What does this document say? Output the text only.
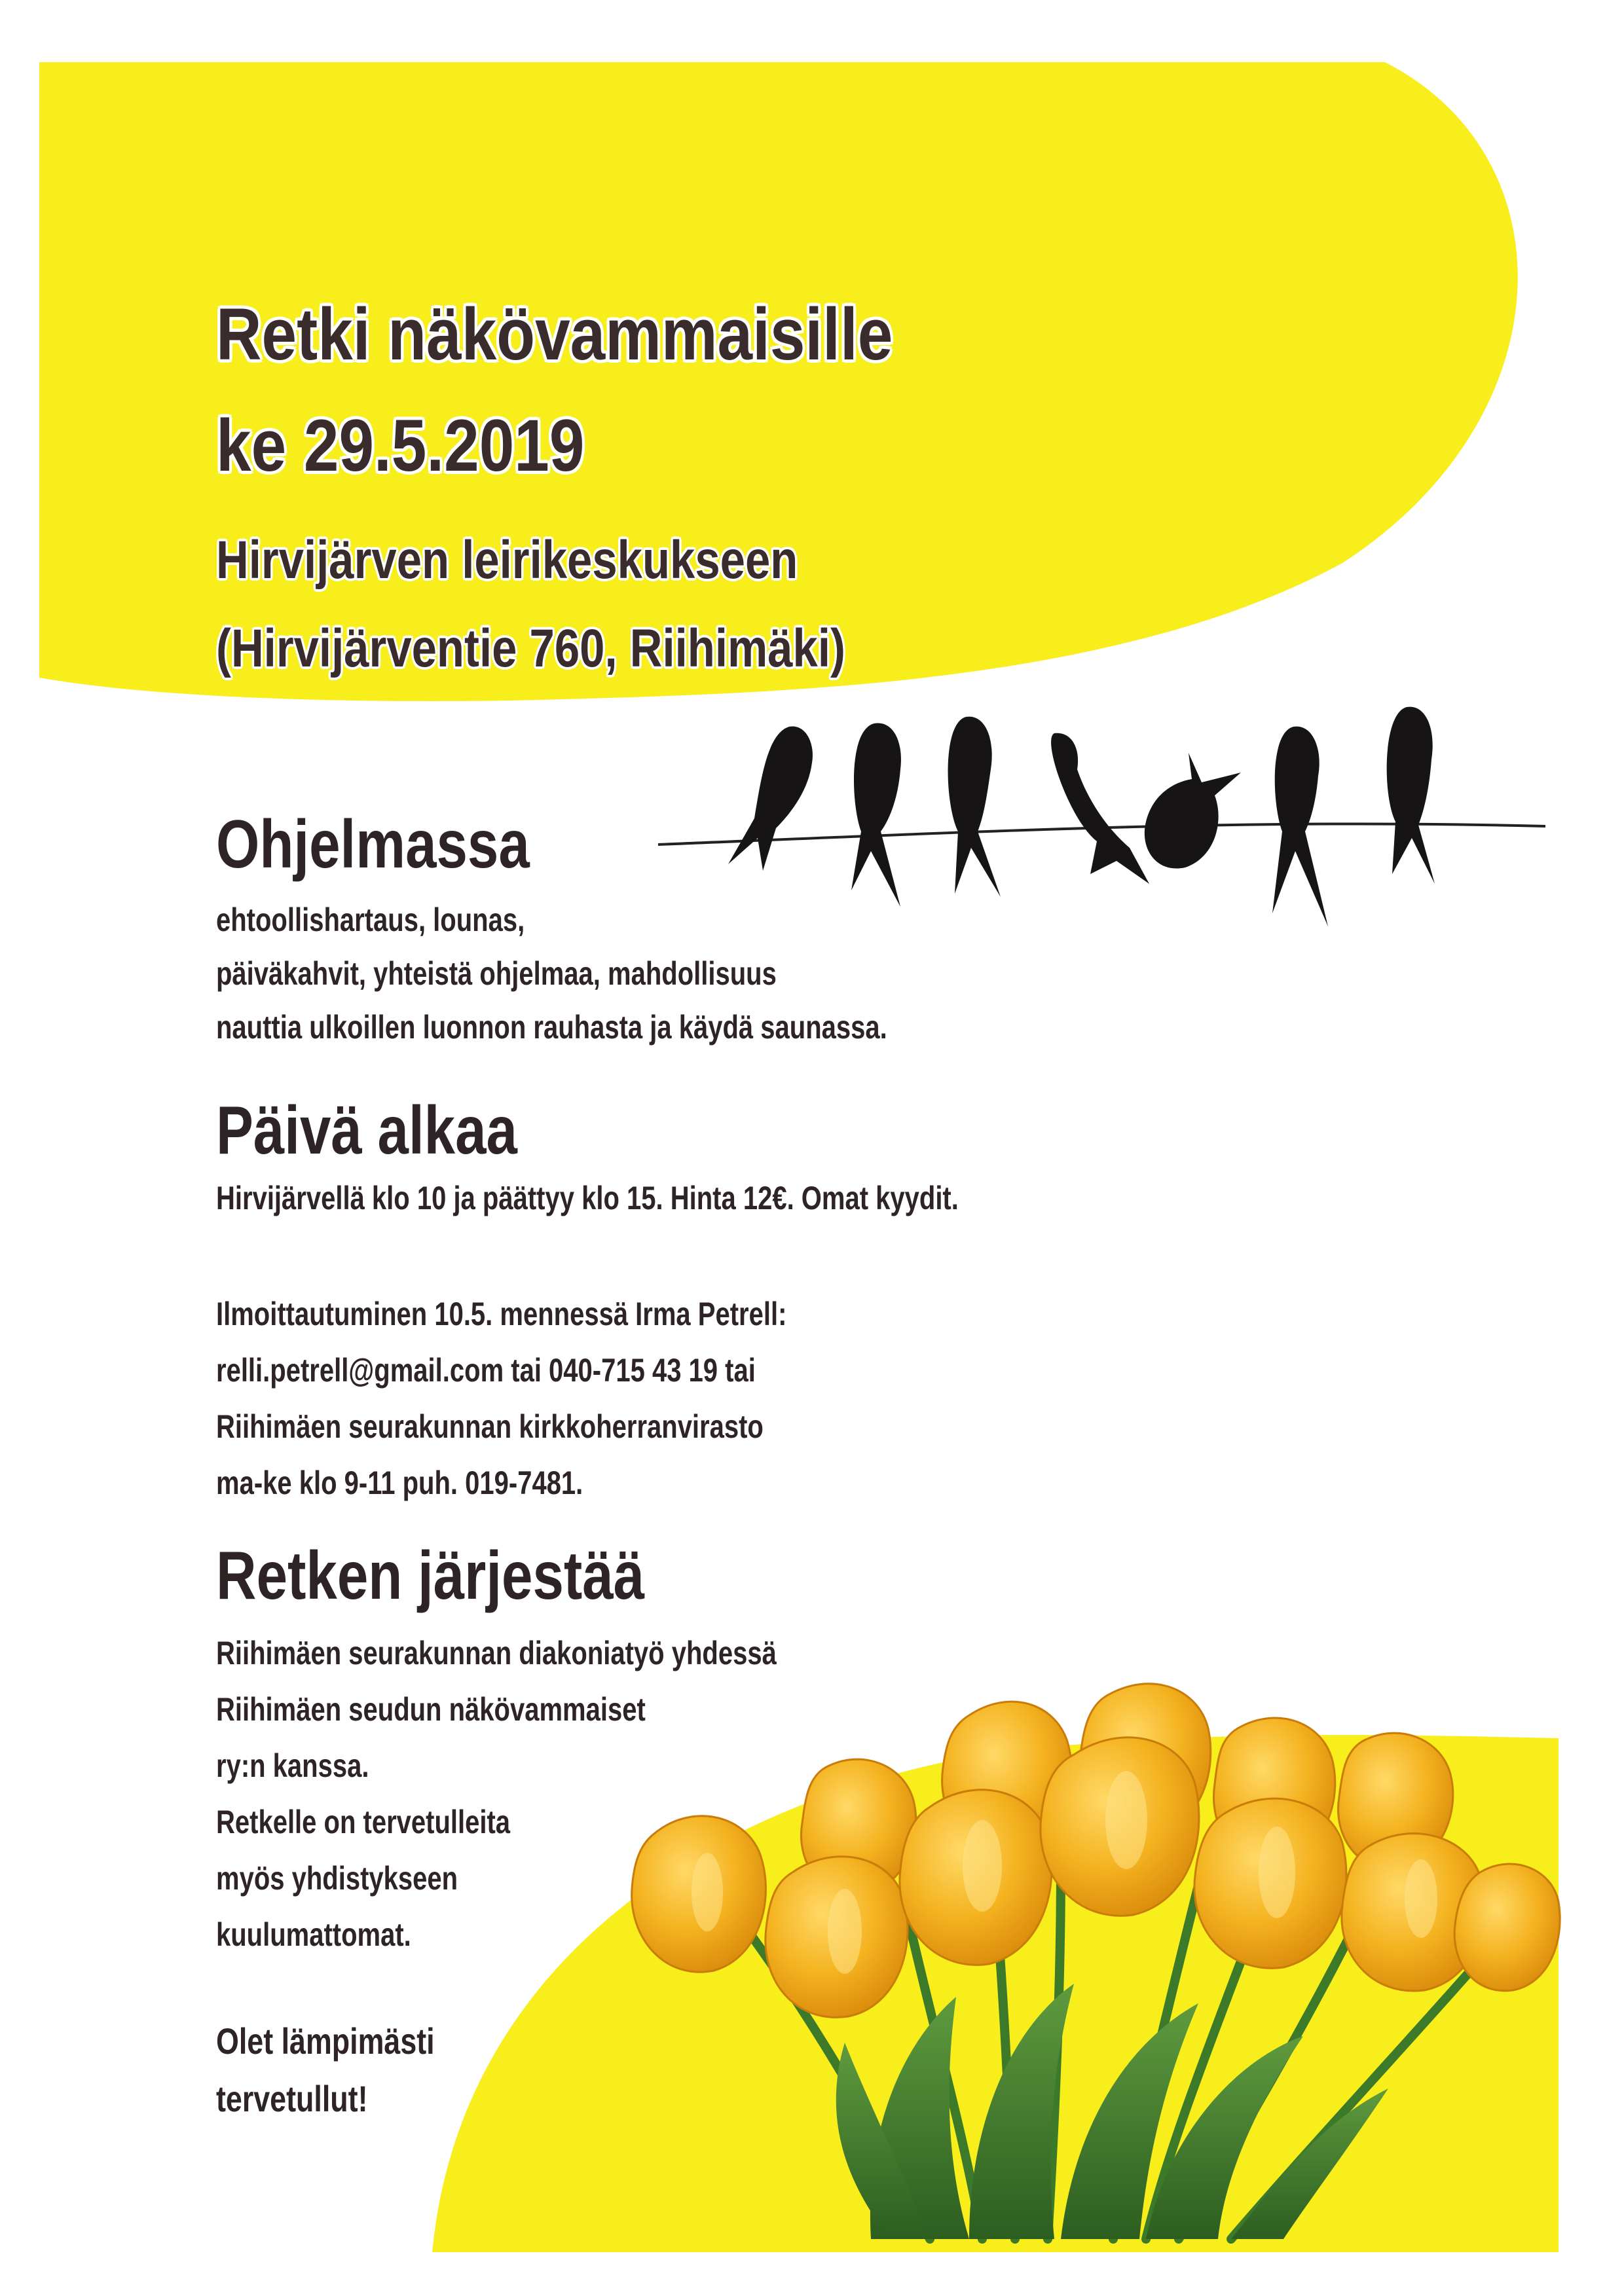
Retki näkövammaisille

ke 29.5.2019

Hirvijärven leirikeskukseen

(Hirvijärventie 760, Riihimäki)

Ohjelmassa

ehtoollishartaus, lounas,

päiväkahvit, yhteistä ohjelmaa, mahdollisuus

nauttia ulkoillen luonnon rauhasta ja käydä saunassa.

Päivä alkaa

Hirvijärvellä klo 10 ja päättyy klo 15. Hinta 12€. Omat kyydit.

Ilmoittautuminen 10.5. mennessä Irma Petrell:

relli.petrell@gmail.com tai 040-715 43 19 tai

Riihimäen seurakunnan kirkkoherranvirasto

ma-ke klo 9-11 puh. 019-7481.

Retken järjestää

Riihimäen seurakunnan diakoniatyö yhdessä

Riihimäen seudun näkövammaiset

ry:n kanssa.

Retkelle on tervetulleita

myös yhdistykseen

kuulumattomat.

Olet lämpimästi

tervetullut!
